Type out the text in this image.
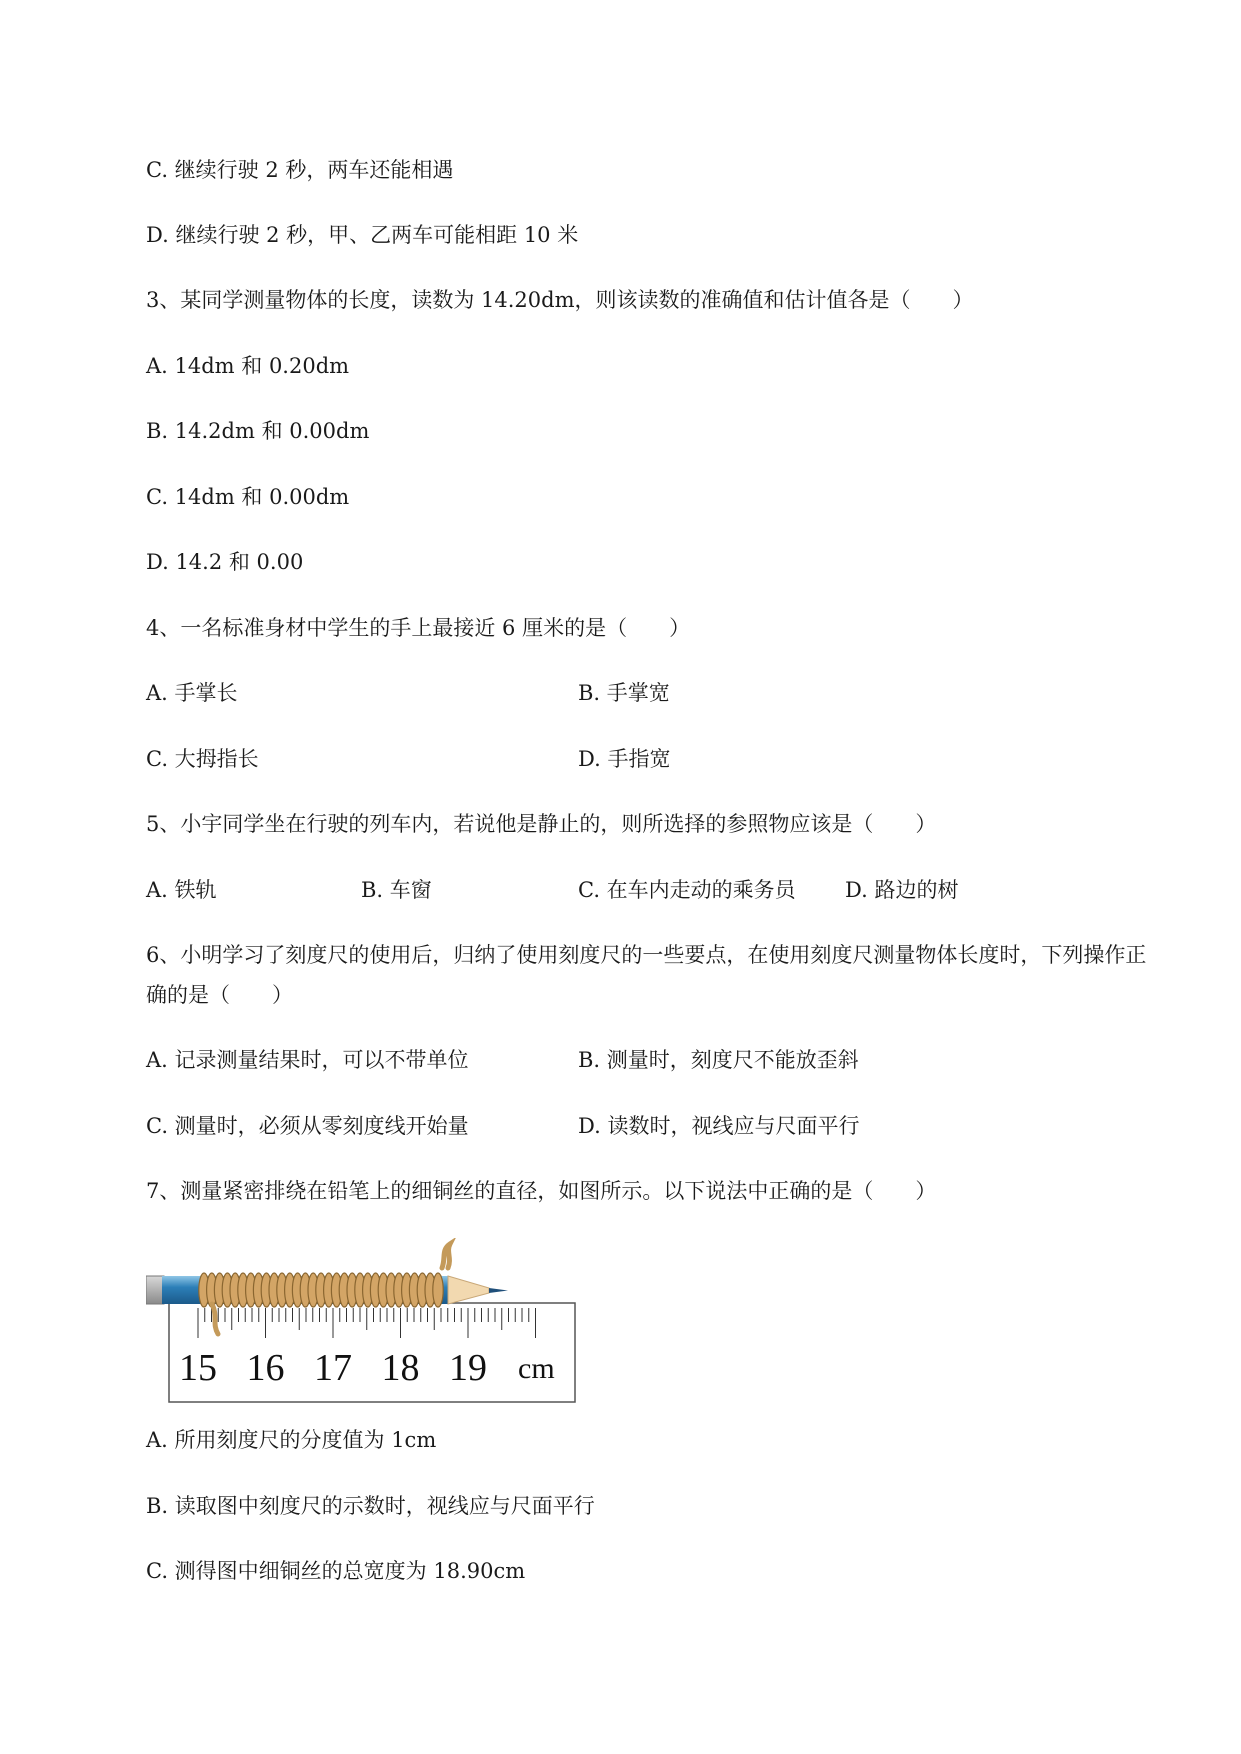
C. 继续行驶 2 秒，两车还能相遇
D. 继续行驶 2 秒，甲、乙两车可能相距 10 米
3、某同学测量物体的长度，读数为 14.20dm，则该读数的准确值和估计值各是（　　）
A. 14dm 和 0.20dm
B. 14.2dm 和 0.00dm
C. 14dm 和 0.00dm
D. 14.2 和 0.00
4、一名标准身材中学生的手上最接近 6 厘米的是（　　）
A. 手掌长	B. 手掌宽
C. 大拇指长	D. 手指宽
5、小宇同学坐在行驶的列车内，若说他是静止的，则所选择的参照物应该是（　　）
A. 铁轨	B. 车窗	C. 在车内走动的乘务员 D. 路边的树
6、小明学习了刻度尺的使用后，归纳了使用刻度尺的一些要点，在使用刻度尺测量物体长度时，下列操作正确的是（　　）
A. 记录测量结果时，可以不带单位	B. 测量时，刻度尺不能放歪斜
C. 测量时，必须从零刻度线开始量	D. 读数时，视线应与尺面平行
7、测量紧密排绕在铅笔上的细铜丝的直径，如图所示。以下说法中正确的是（　　）
15 16 17 18 19 cm
A. 所用刻度尺的分度值为 1cm
B. 读取图中刻度尺的示数时，视线应与尺面平行
C. 测得图中细铜丝的总宽度为 18.90cm
